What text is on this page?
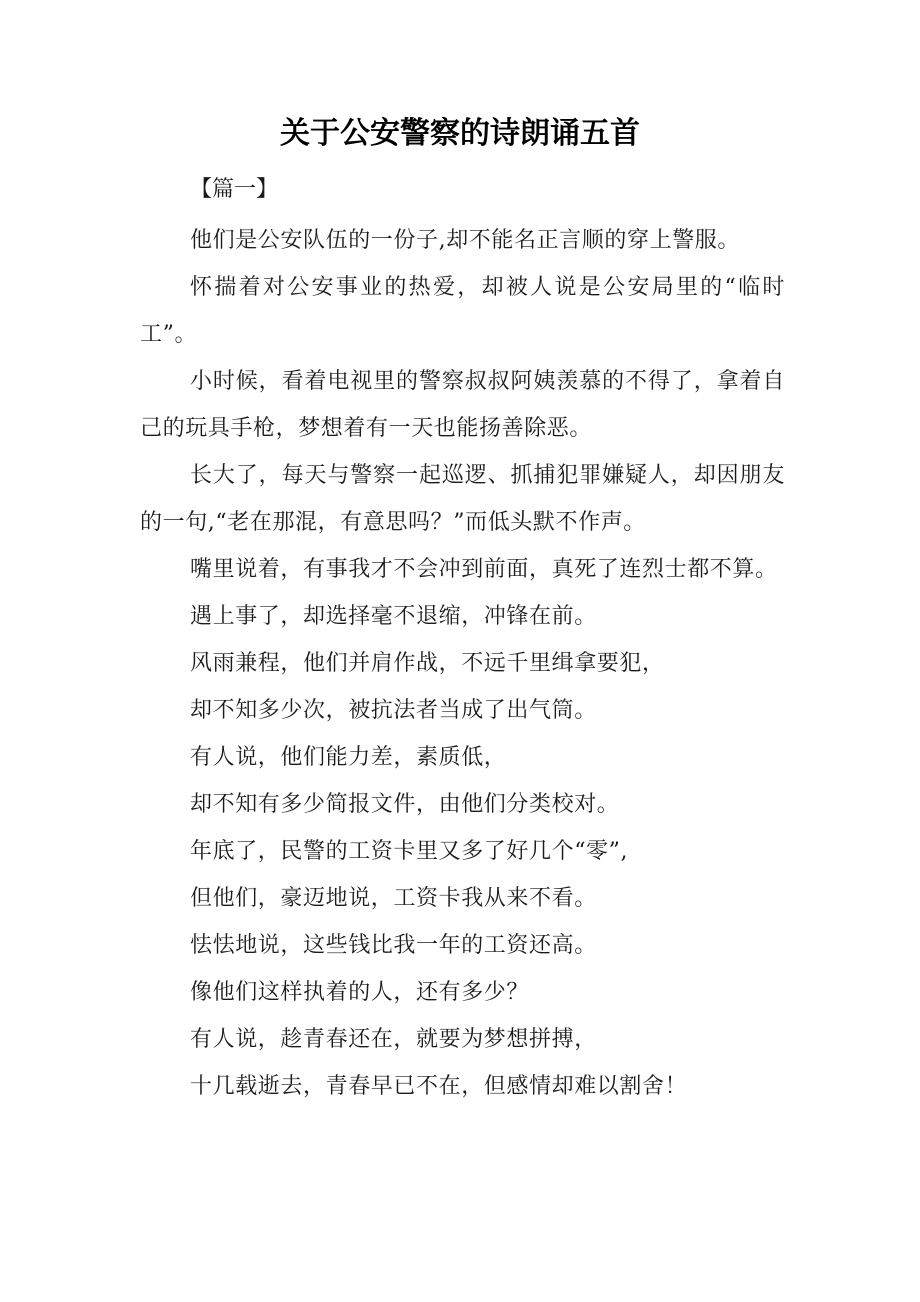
关于公安警察的诗朗诵五首

【篇一】

他们是公安队伍的一份子,却不能名正言顺的穿上警服。

怀揣着对公安事业的热爱，却被人说是公安局里的“临时工”。

小时候，看着电视里的警察叔叔阿姨羡慕的不得了，拿着自己的玩具手枪，梦想着有一天也能扬善除恶。

长大了，每天与警察一起巡逻、抓捕犯罪嫌疑人，却因朋友的一句,“老在那混，有意思吗？”而低头默不作声。

嘴里说着，有事我才不会冲到前面，真死了连烈士都不算。

遇上事了，却选择毫不退缩，冲锋在前。

风雨兼程，他们并肩作战，不远千里缉拿要犯，

却不知多少次，被抗法者当成了出气筒。

有人说，他们能力差，素质低，

却不知有多少简报文件，由他们分类校对。

年底了，民警的工资卡里又多了好几个“零”,

但他们，豪迈地说，工资卡我从来不看。

怯怯地说，这些钱比我一年的工资还高。

像他们这样执着的人，还有多少？

有人说，趁青春还在，就要为梦想拼搏，

十几载逝去，青春早已不在，但感情却难以割舍！
